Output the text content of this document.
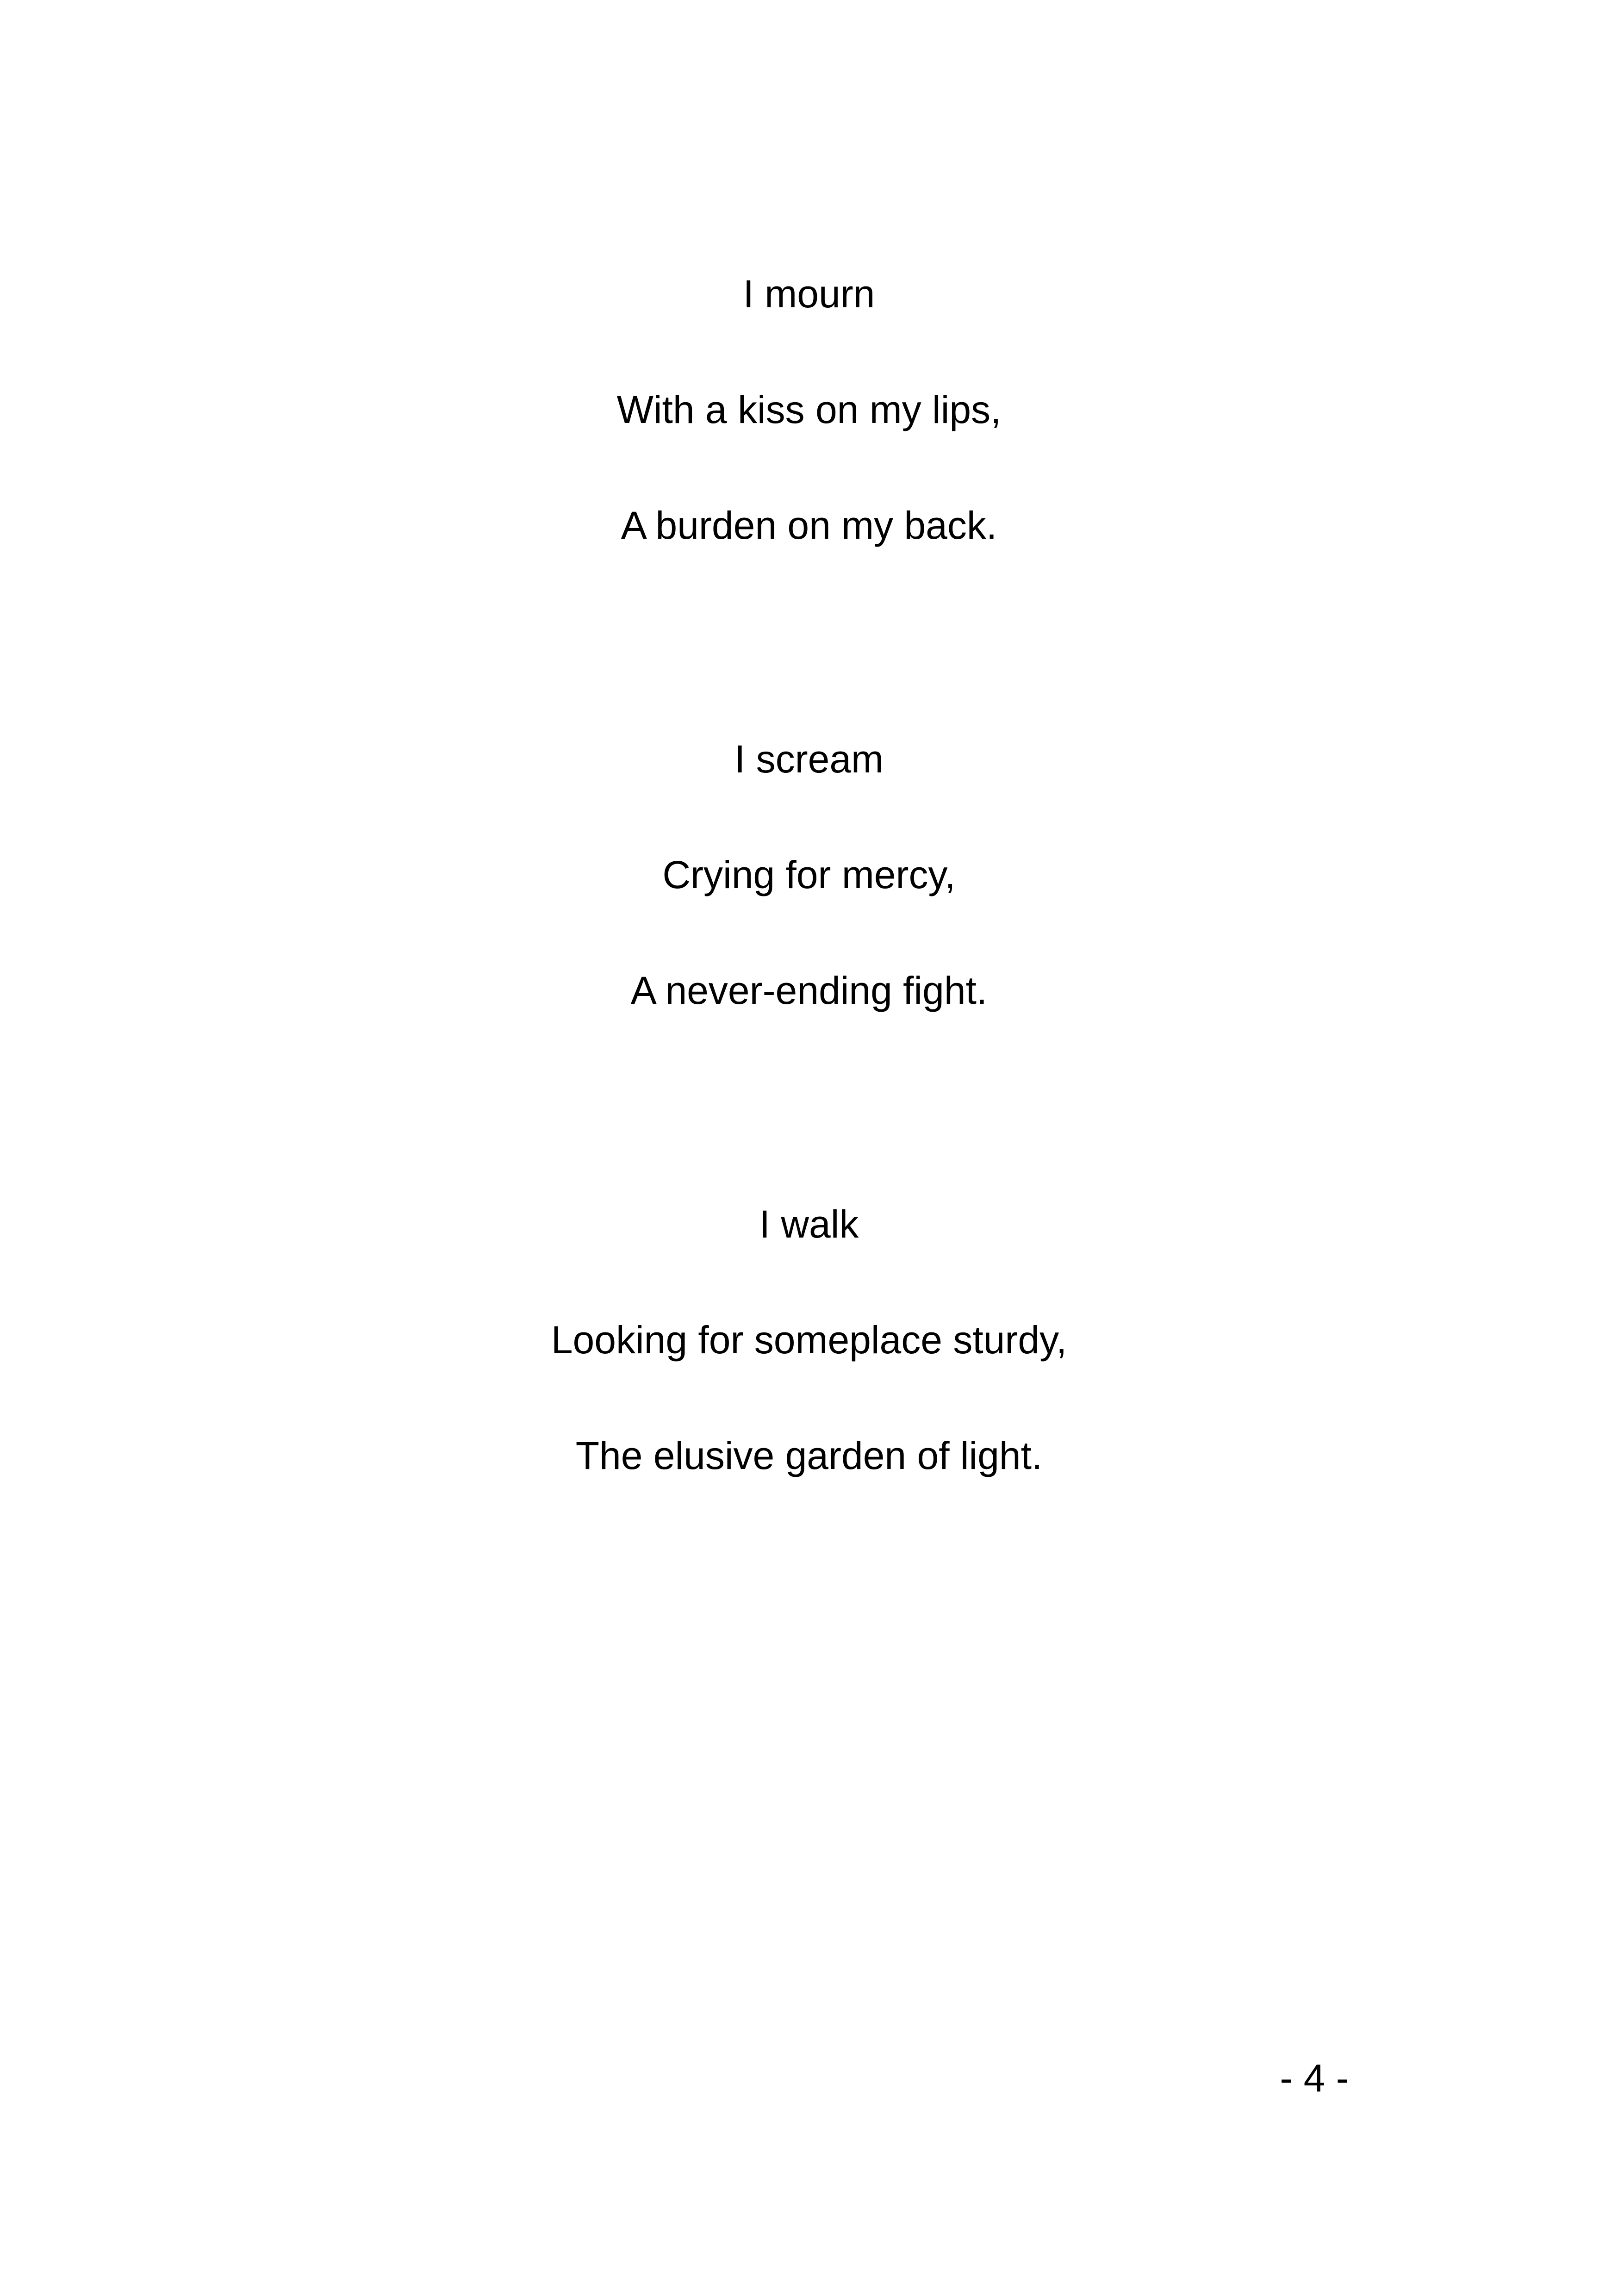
I mourn
With a kiss on my lips,
A burden on my back.
I scream
Crying for mercy,
A never-ending fight.
I walk
Looking for someplace sturdy,
The elusive garden of light.
- 4 -
